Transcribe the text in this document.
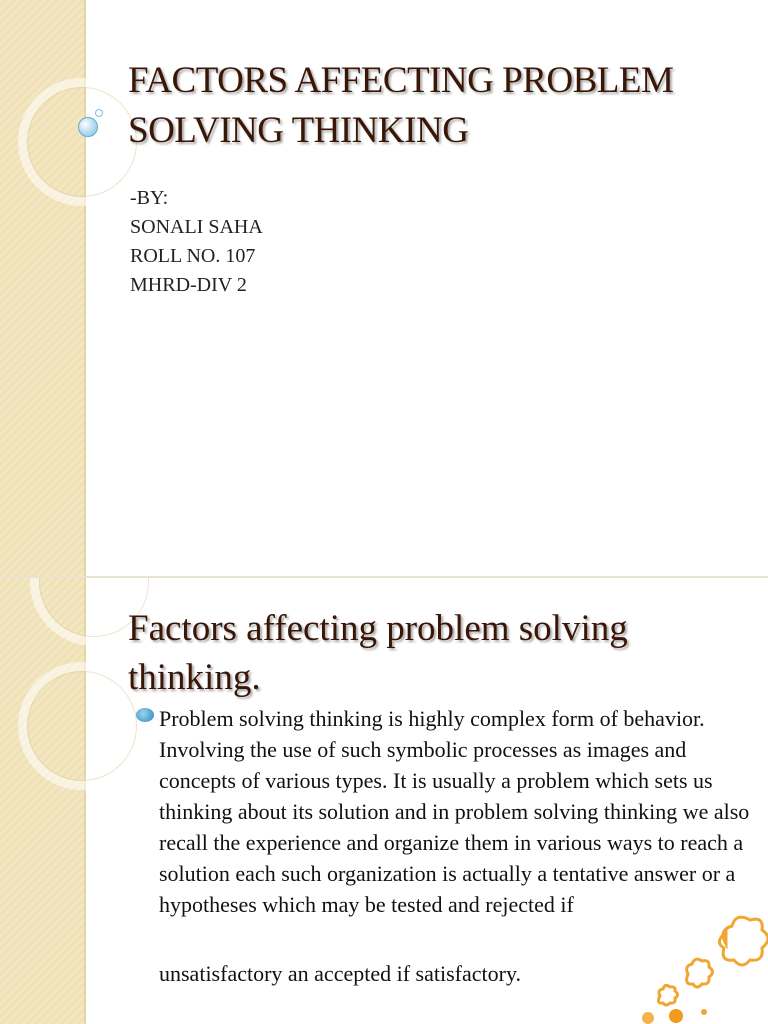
FACTORS AFFECTING PROBLEM SOLVING THINKING
-BY:
SONALI SAHA
ROLL NO. 107
MHRD-DIV 2
Factors affecting problem solving thinking.

Problem solving thinking is highly complex form of behavior. Involving the use of such symbolic processes as images and concepts of various types. It is usually a problem which sets us thinking about its solution and in problem solving thinking we also recall the experience and organize them in various ways to reach a solution each such organization is actually a tentative answer or a hypotheses which may be tested and rejected if

unsatisfactory an accepted if satisfactory.
